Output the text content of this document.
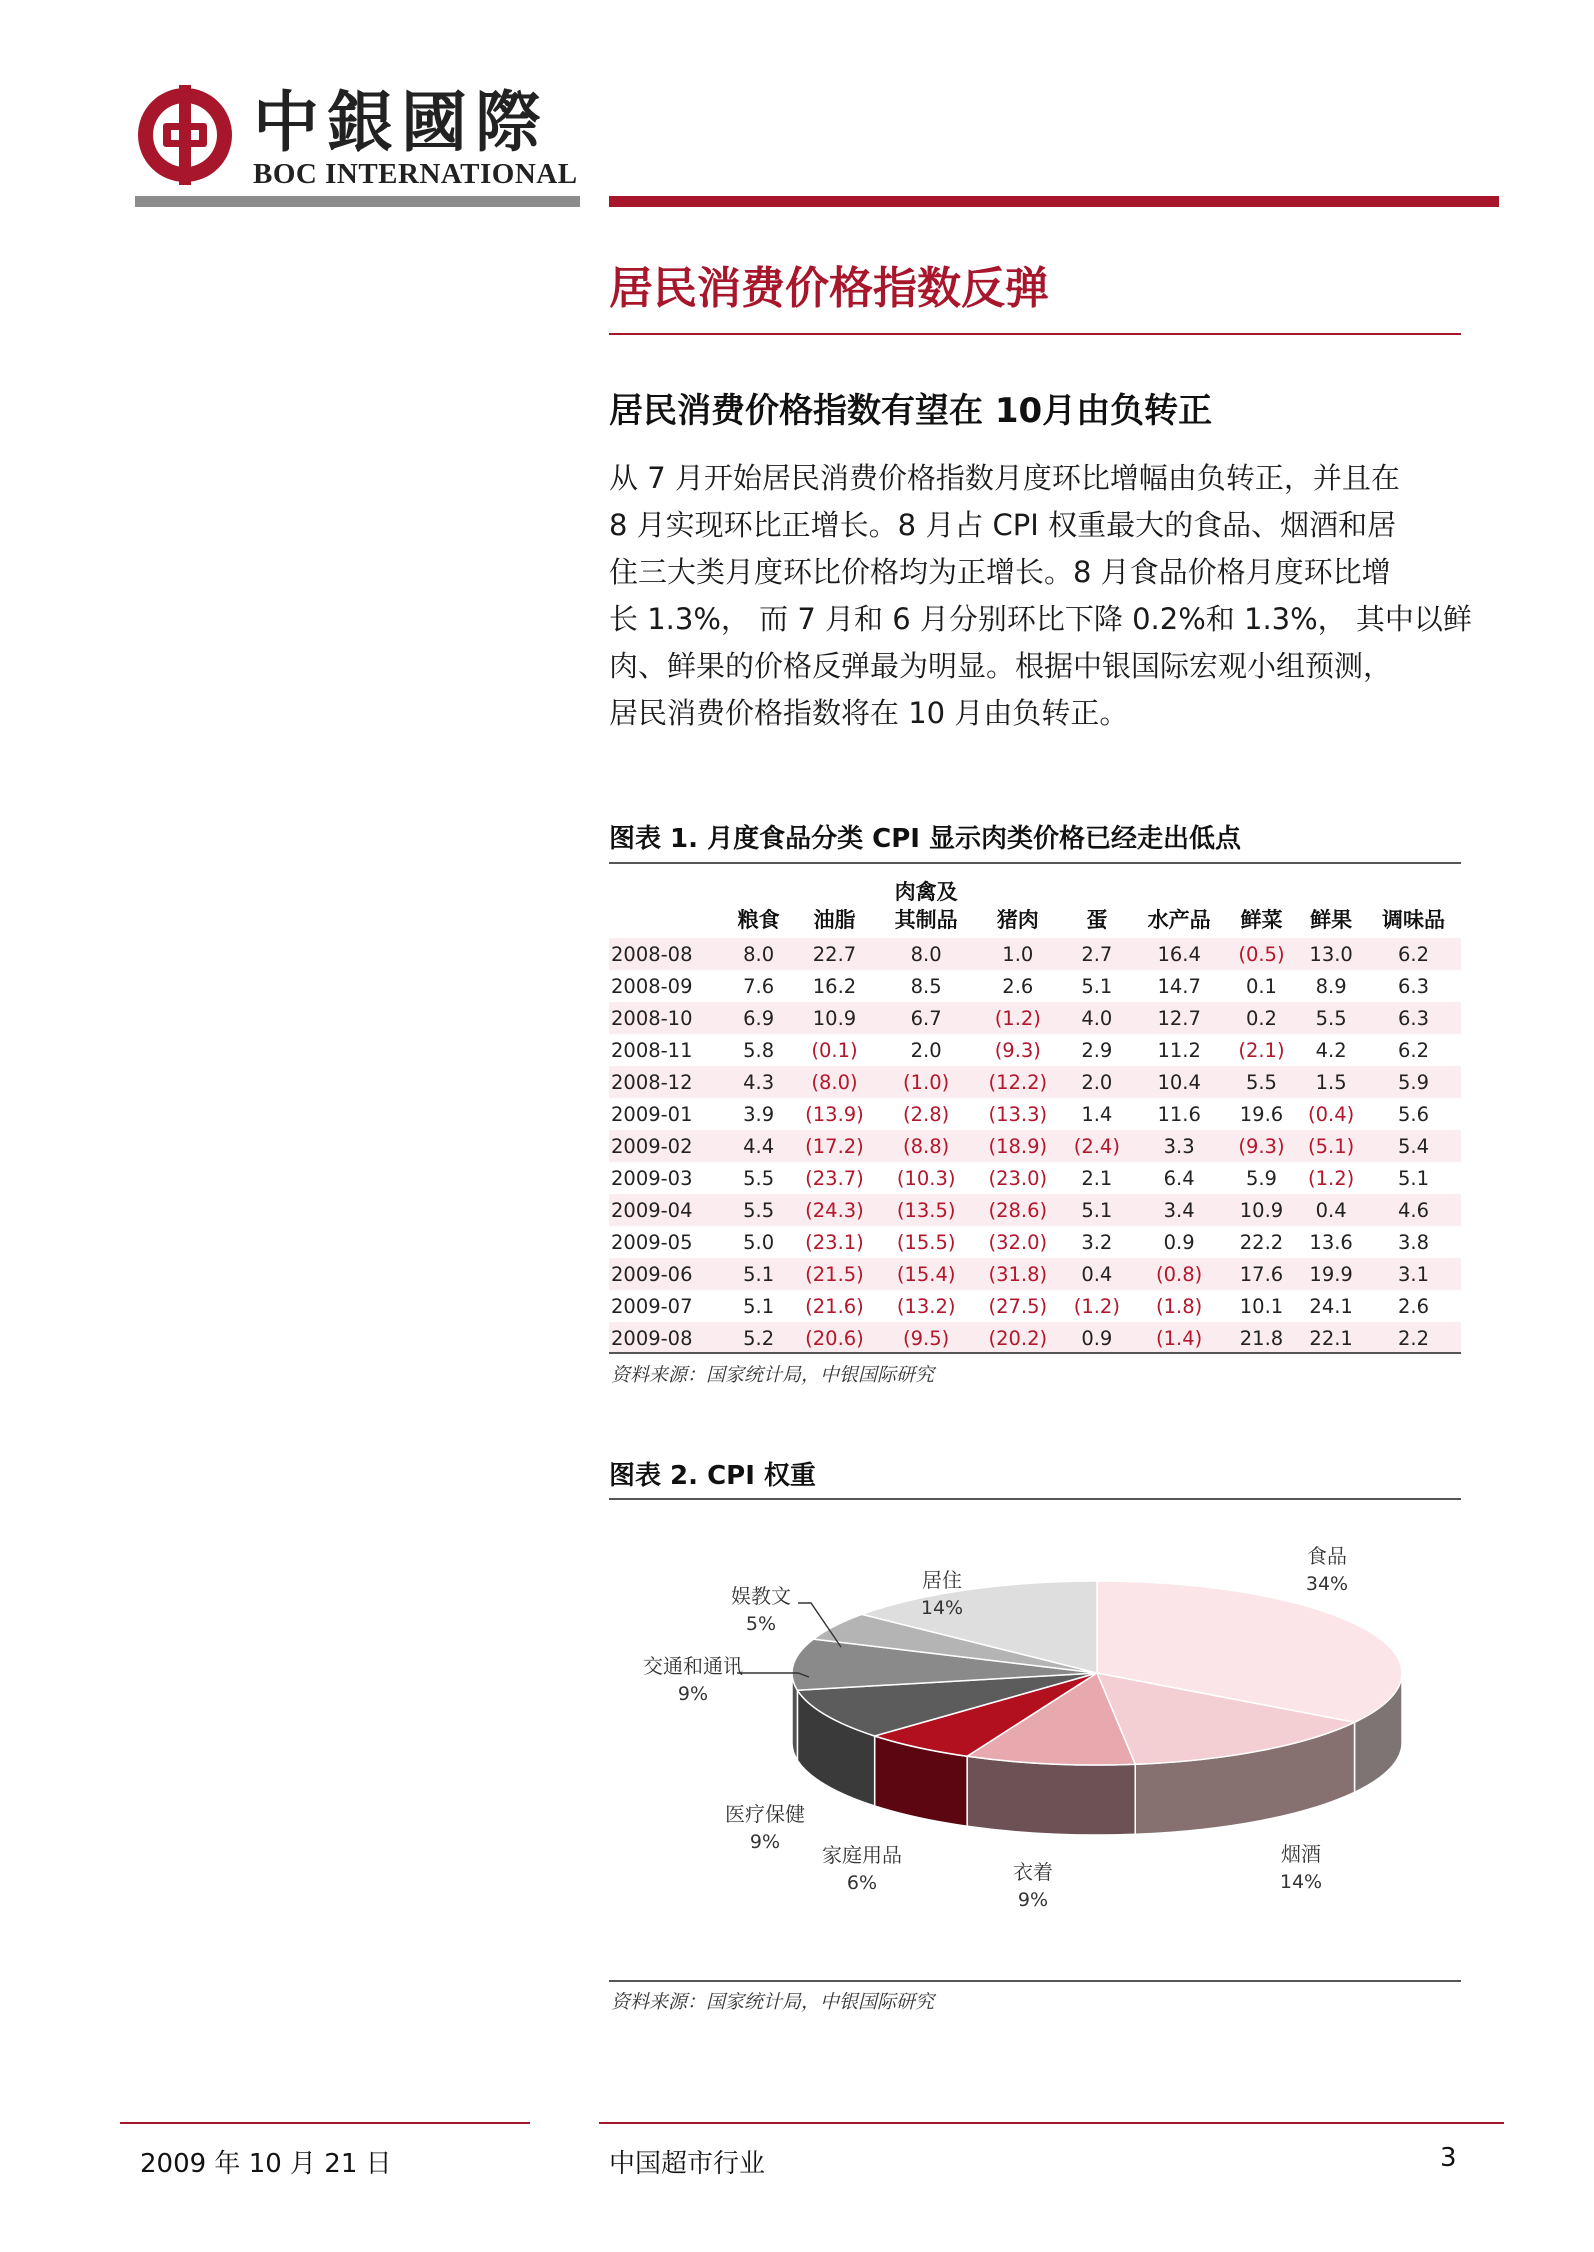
中銀國際
BOC INTERNATIONAL
居民消费价格指数反弹
居民消费价格指数有望在 10月由负转正
从 7 月开始居民消费价格指数月度环比增幅由负转正，并且在
8 月实现环比正增长。8 月占 CPI 权重最大的食品、烟酒和居
住三大类月度环比价格均为正增长。8 月食品价格月度环比增
长 1.3%， 而 7 月和 6 月分别环比下降 0.2%和 1.3%， 其中以鲜
肉、鲜果的价格反弹最为明显。根据中银国际宏观小组预测，
居民消费价格指数将在 10 月由负转正。
图表 1. 月度食品分类 CPI 显示肉类价格已经走出低点
	粮食	油脂	肉禽及
其制品	猪肉	蛋	水产品	鲜菜	鲜果	调味品
2008-08	8.0	22.7	8.0	1.0	2.7	16.4	(0.5)	13.0	6.2
2008-09	7.6	16.2	8.5	2.6	5.1	14.7	0.1	8.9	6.3
2008-10	6.9	10.9	6.7	(1.2)	4.0	12.7	0.2	5.5	6.3
2008-11	5.8	(0.1)	2.0	(9.3)	2.9	11.2	(2.1)	4.2	6.2
2008-12	4.3	(8.0)	(1.0)	(12.2)	2.0	10.4	5.5	1.5	5.9
2009-01	3.9	(13.9)	(2.8)	(13.3)	1.4	11.6	19.6	(0.4)	5.6
2009-02	4.4	(17.2)	(8.8)	(18.9)	(2.4)	3.3	(9.3)	(5.1)	5.4
2009-03	5.5	(23.7)	(10.3)	(23.0)	2.1	6.4	5.9	(1.2)	5.1
2009-04	5.5	(24.3)	(13.5)	(28.6)	5.1	3.4	10.9	0.4	4.6
2009-05	5.0	(23.1)	(15.5)	(32.0)	3.2	0.9	22.2	13.6	3.8
2009-06	5.1	(21.5)	(15.4)	(31.8)	0.4	(0.8)	17.6	19.9	3.1
2009-07	5.1	(21.6)	(13.2)	(27.5)	(1.2)	(1.8)	10.1	24.1	2.6
2009-08	5.2	(20.6)	(9.5)	(20.2)	0.9	(1.4)	21.8	22.1	2.2
资料来源：国家统计局，中银国际研究
图表 2. CPI 权重
食品
34%
烟酒
14%
衣着
9%
家庭用品
6%
医疗保健
9%
交通和通讯
9%
娱教文
5%
居住
14%
资料来源：国家统计局，中银国际研究
2009 年 10 月 21 日	中国超市行业	3
